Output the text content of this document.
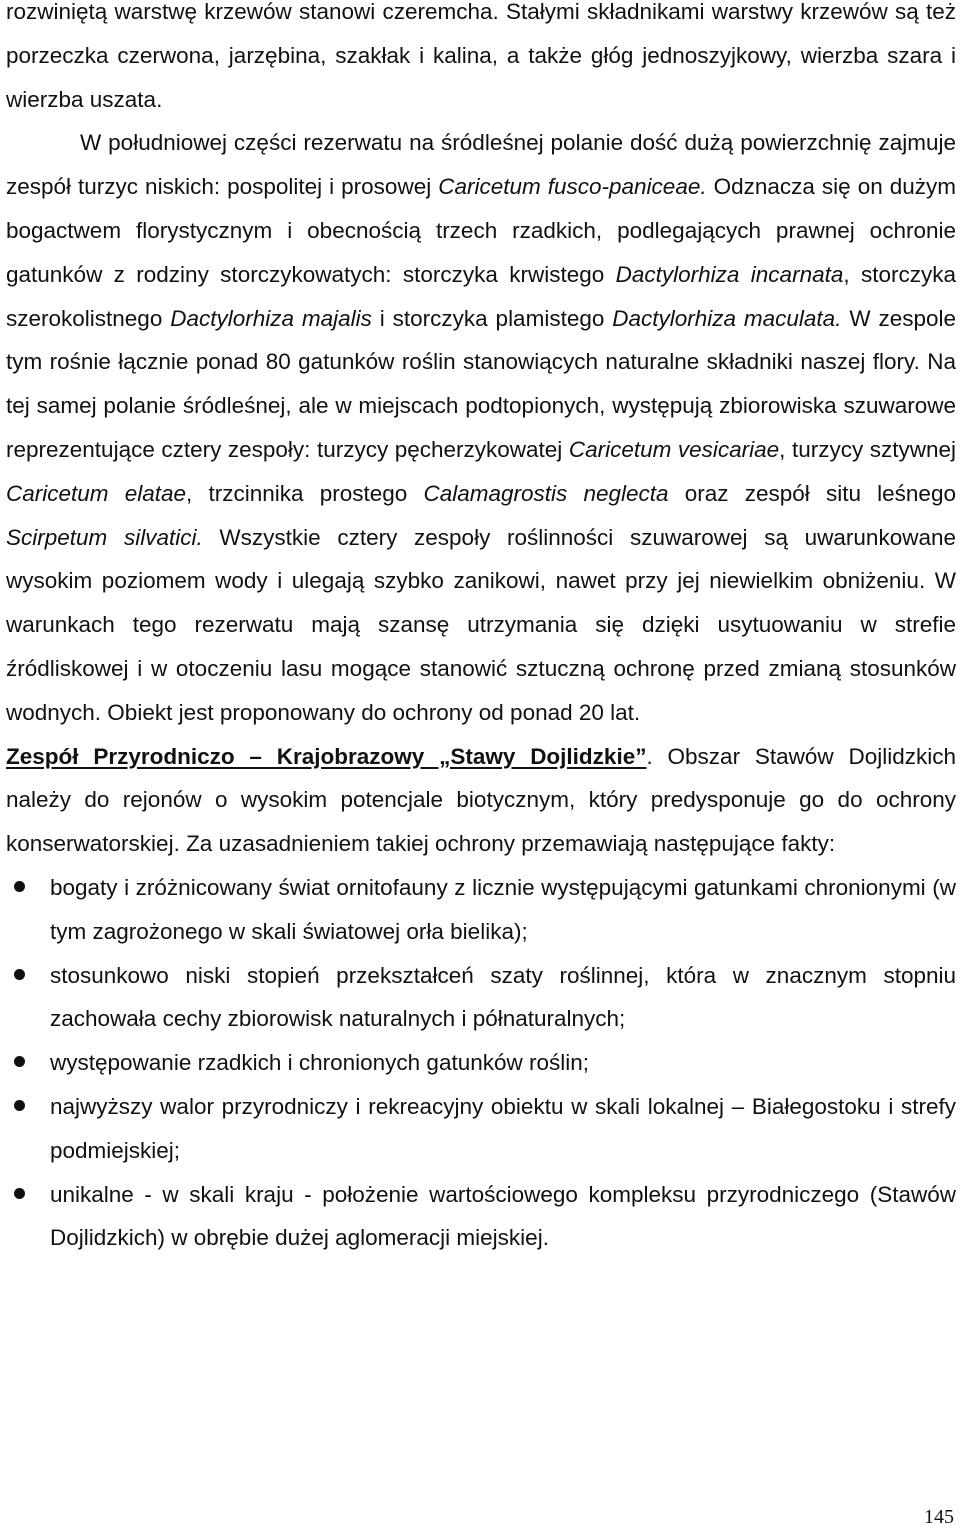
rozwiniętą warstwę krzewów stanowi czeremcha. Stałymi składnikami warstwy krzewów są też porzeczka czerwona, jarzębina, szakłak i kalina, a także głóg jednoszyjkowy, wierzba szara i wierzba uszata.

W południowej części rezerwatu na śródleśnej polanie dość dużą powierzchnię zajmuje zespół turzyc niskich: pospolitej i prosowej Caricetum fusco-paniceae. Odznacza się on dużym bogactwem florystycznym i obecnością trzech rzadkich, podlegających prawnej ochronie gatunków z rodziny storczykowatych: storczyka krwistego Dactylorhiza incarnata, storczyka szerokolistnego Dactylorhiza majalis i storczyka plamistego Dactylorhiza maculata. W zespole tym rośnie łącznie ponad 80 gatunków roślin stanowiących naturalne składniki naszej flory. Na tej samej polanie śródleśnej, ale w miejscach podtopionych, występują zbiorowiska szuwarowe reprezentujące cztery zespoły: turzycy pęcherzykowatej Caricetum vesicariae, turzycy sztywnej Caricetum elatae, trzcinnika prostego Calamagrostis neglecta oraz zespół situ leśnego Scirpetum silvatici. Wszystkie cztery zespoły roślinności szuwarowej są uwarunkowane wysokim poziomem wody i ulegają szybko zanikowi, nawet przy jej niewielkim obniżeniu. W warunkach tego rezerwatu mają szansę utrzymania się dzięki usytuowaniu w strefie źródliskowej i w otoczeniu lasu mogące stanowić sztuczną ochronę przed zmianą stosunków wodnych. Obiekt jest proponowany do ochrony od ponad 20 lat.

Zespół Przyrodniczo – Krajobrazowy „Stawy Dojlidzkie”. Obszar Stawów Dojlidzkich należy do rejonów o wysokim potencjale biotycznym, który predysponuje go do ochrony konserwatorskiej. Za uzasadnieniem takiej ochrony przemawiają następujące fakty:

bogaty i zróżnicowany świat ornitofauny z licznie występującymi gatunkami chronionymi (w tym zagrożonego w skali światowej orła bielika);
stosunkowo niski stopień przekształceń szaty roślinnej, która w znacznym stopniu zachowała cechy zbiorowisk naturalnych i półnaturalnych;
występowanie rzadkich i chronionych gatunków roślin;
najwyższy walor przyrodniczy i rekreacyjny obiektu w skali lokalnej – Białegostoku i strefy podmiejskiej;
unikalne - w skali kraju - położenie wartościowego kompleksu przyrodniczego (Stawów Dojlidzkich) w obrębie dużej aglomeracji miejskiej.
145
